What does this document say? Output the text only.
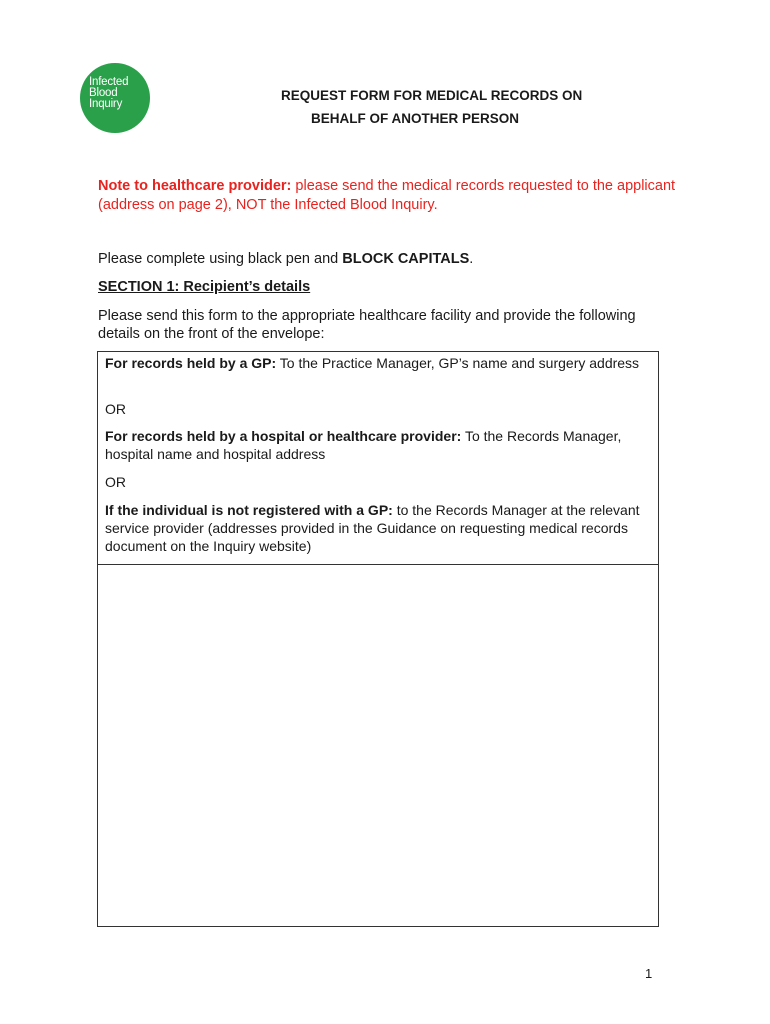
Infected
Blood
Inquiry
REQUEST FORM FOR MEDICAL RECORDS ON
BEHALF OF ANOTHER PERSON
Note to healthcare provider: please send the medical records requested to the applicant (address on page 2), NOT the Infected Blood Inquiry.
Please complete using black pen and BLOCK CAPITALS.
SECTION 1: Recipient’s details
Please send this form to the appropriate healthcare facility and provide the following details on the front of the envelope:
For records held by a GP: To the Practice Manager, GP’s name and surgery address
OR
For records held by a hospital or healthcare provider: To the Records Manager, hospital name and hospital address
OR
If the individual is not registered with a GP: to the Records Manager at the relevant service provider (addresses provided in the Guidance on requesting medical records document on the Inquiry website)
1
